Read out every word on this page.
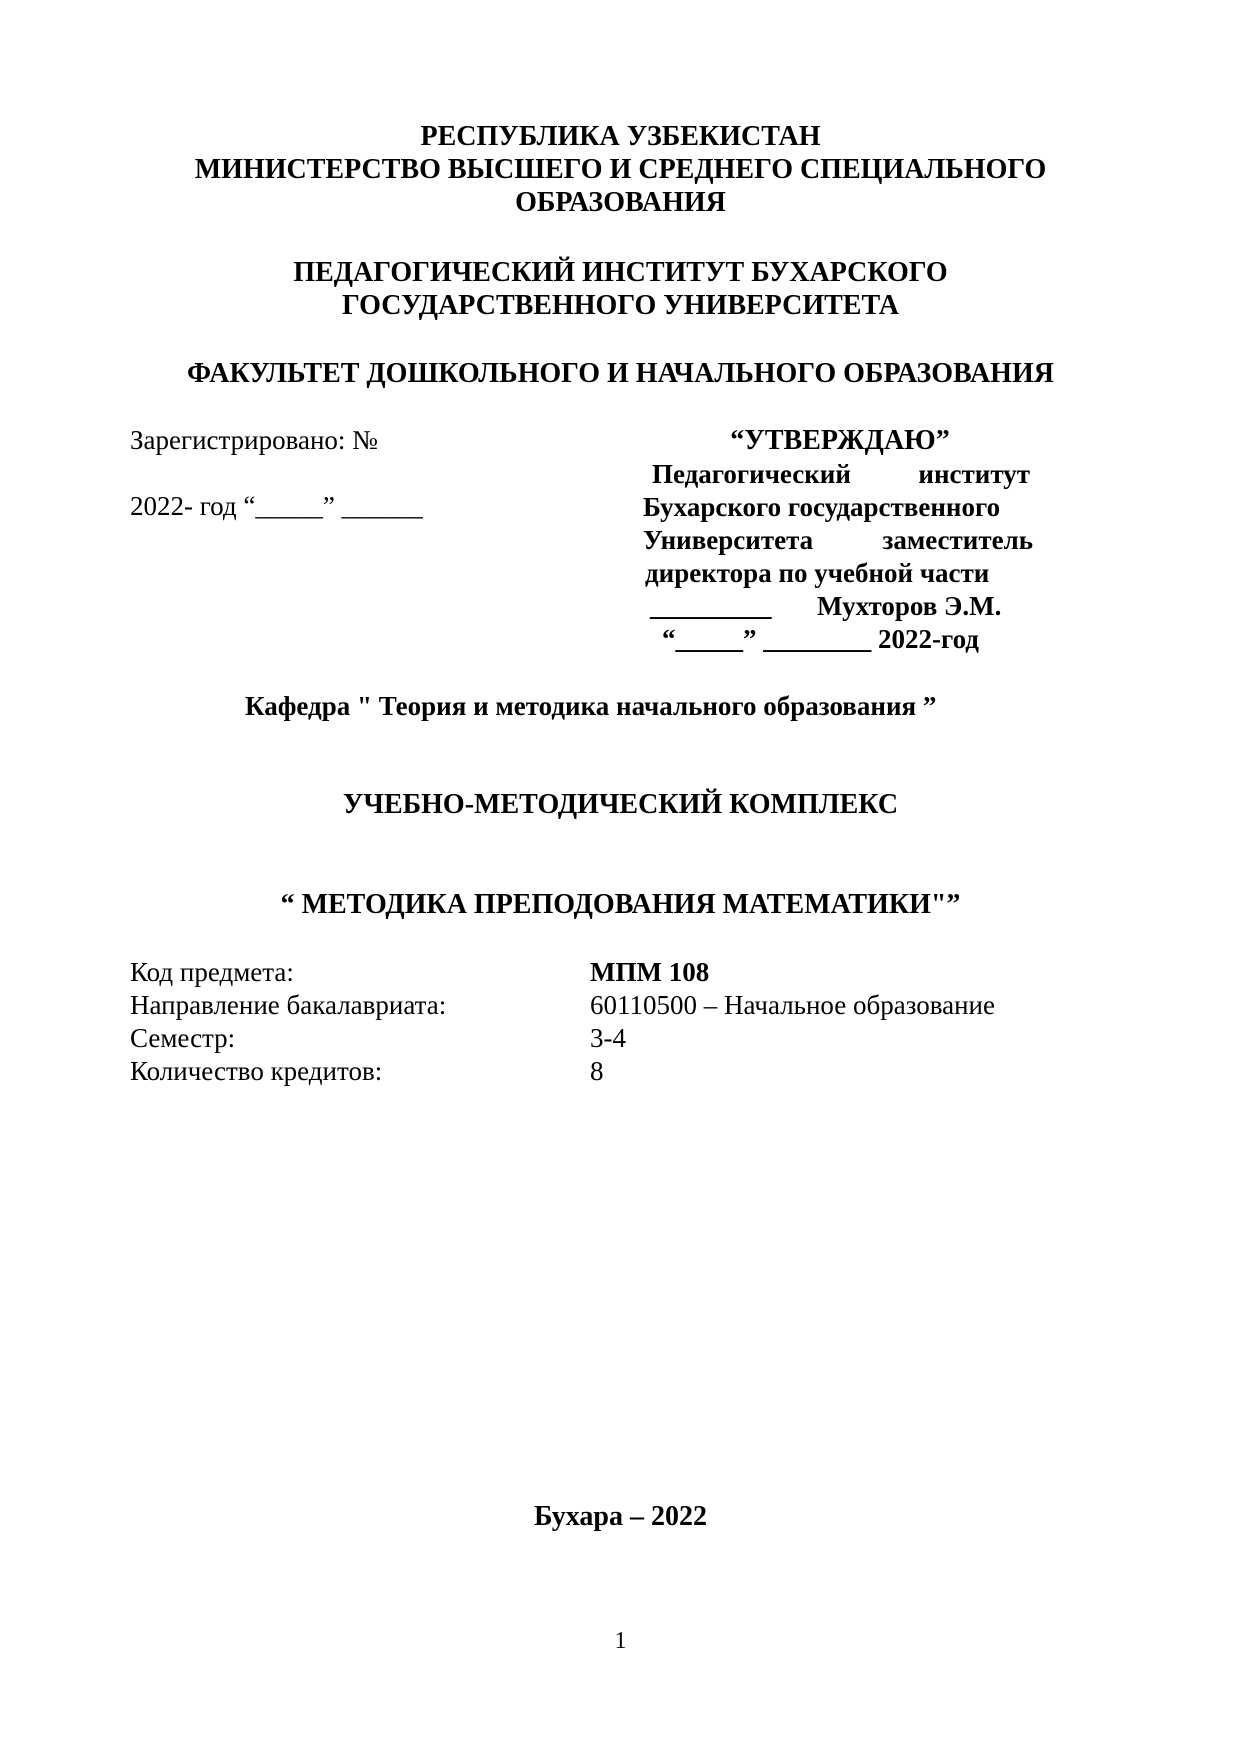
РЕСПУБЛИКА УЗБЕКИСТАН
МИНИСТЕРСТВО ВЫСШЕГО И СРЕДНЕГО СПЕЦИАЛЬНОГО
ОБРАЗОВАНИЯ
ПЕДАГОГИЧЕСКИЙ ИНСТИТУТ БУХАРСКОГО
ГОСУДАРСТВЕННОГО УНИВЕРСИТЕТА
ФАКУЛЬТЕТ ДОШКОЛЬНОГО И НАЧАЛЬНОГО ОБРАЗОВАНИЯ
Зарегистрировано: №
2022- год “_____” ______
“УТВЕРЖДАЮ”
Педагогический	институт
Бухарского государственного
Университета	заместитель
директора по учебной части
_________ Мухторов Э.М.
“_____” ________ 2022-год
Кафедра " Теория и методика начального образования ”
УЧЕБНО-МЕТОДИЧЕСКИЙ КОМПЛЕКС
“ МЕТОДИКА ПРЕПОДОВАНИЯ МАТЕМАТИКИ"”
Код предмета:	МПМ 108
Направление бакалавриата:	60110500 – Начальное образование
Семестр:	3-4
Количество кредитов:	8
Бухара – 2022
1
